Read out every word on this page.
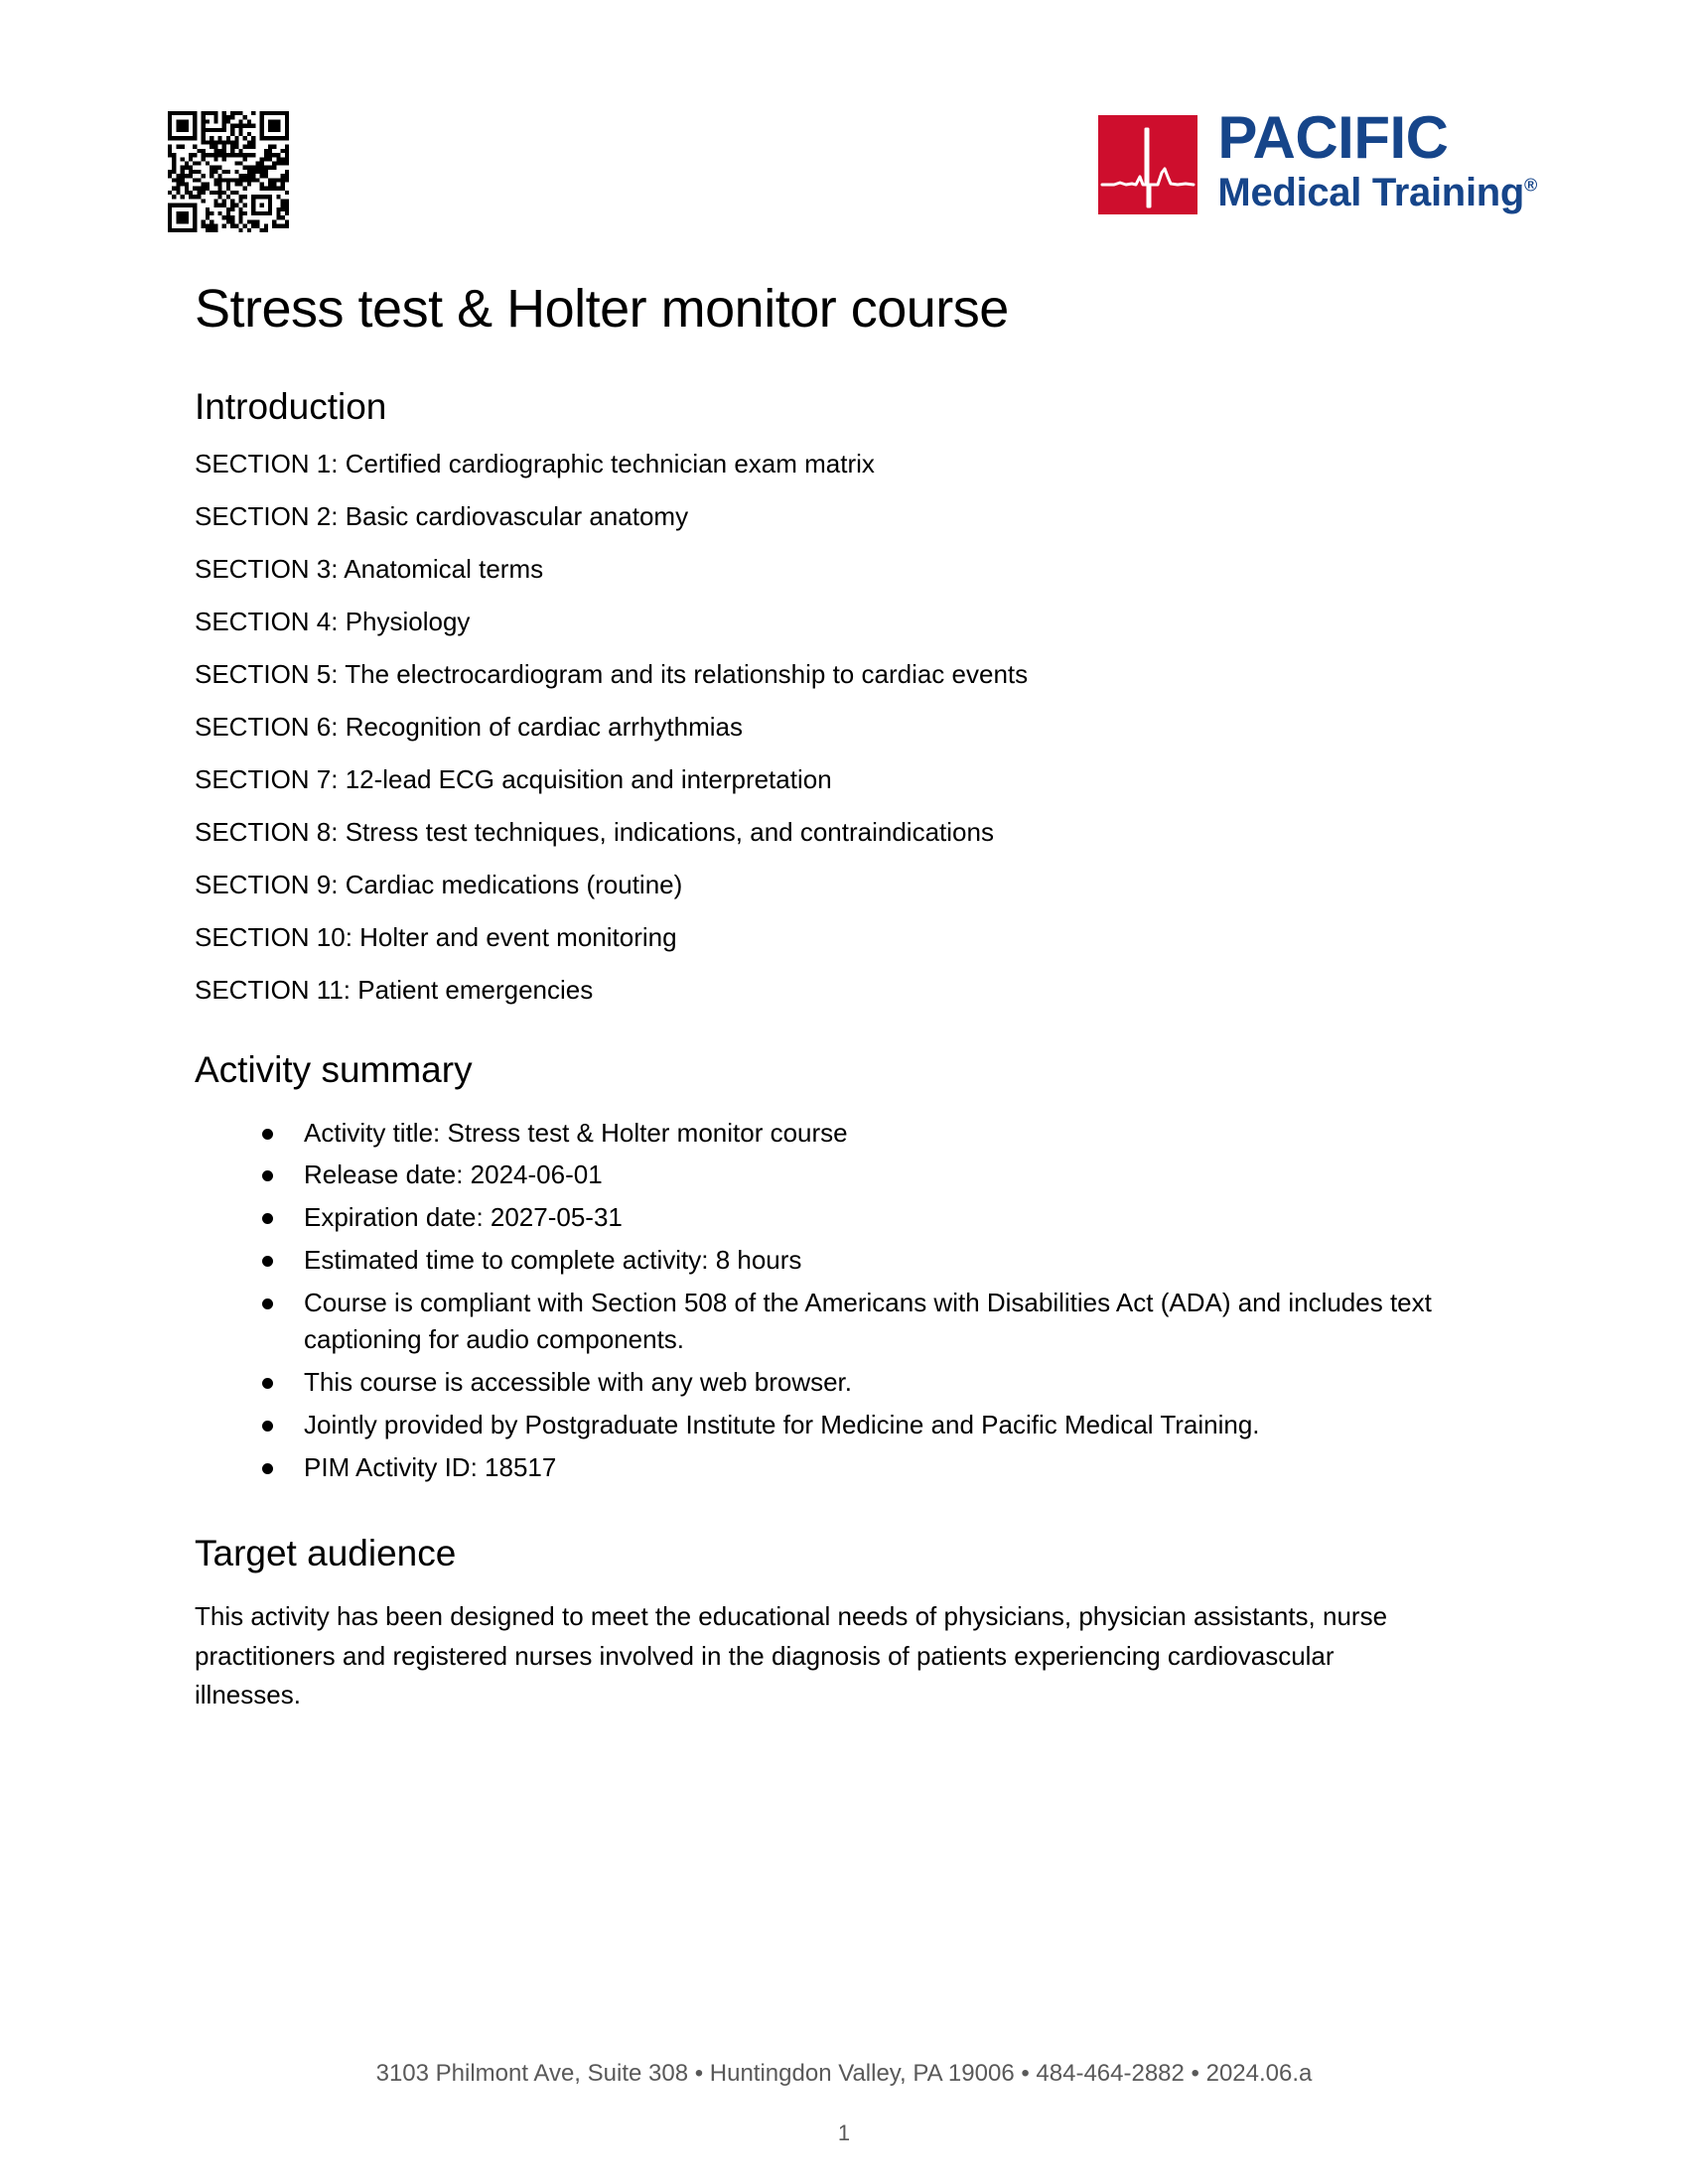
PACIFIC
Medical Training®
Stress test & Holter monitor course
Introduction

SECTION 1: Certified cardiographic technician exam matrix

SECTION 2: Basic cardiovascular anatomy

SECTION 3: Anatomical terms

SECTION 4: Physiology

SECTION 5: The electrocardiogram and its relationship to cardiac events

SECTION 6: Recognition of cardiac arrhythmias

SECTION 7: 12-lead ECG acquisition and interpretation

SECTION 8: Stress test techniques, indications, and contraindications

SECTION 9: Cardiac medications (routine)

SECTION 10: Holter and event monitoring

SECTION 11: Patient emergencies

Activity summary
Activity title: Stress test & Holter monitor course
Release date: 2024-06-01
Expiration date: 2027-05-31
Estimated time to complete activity: 8 hours
Course is compliant with Section 508 of the Americans with Disabilities Act (ADA) and includes text captioning for audio components.
This course is accessible with any web browser.
Jointly provided by Postgraduate Institute for Medicine and Pacific Medical Training.
PIM Activity ID: 18517
Target audience

This activity has been designed to meet the educational needs of physicians, physician assistants, nurse practitioners and registered nurses involved in the diagnosis of patients experiencing cardiovascular illnesses.

3103 Philmont Ave, Suite 308 • Huntingdon Valley, PA 19006 • 484-464-2882 • 2024.06.a

1
